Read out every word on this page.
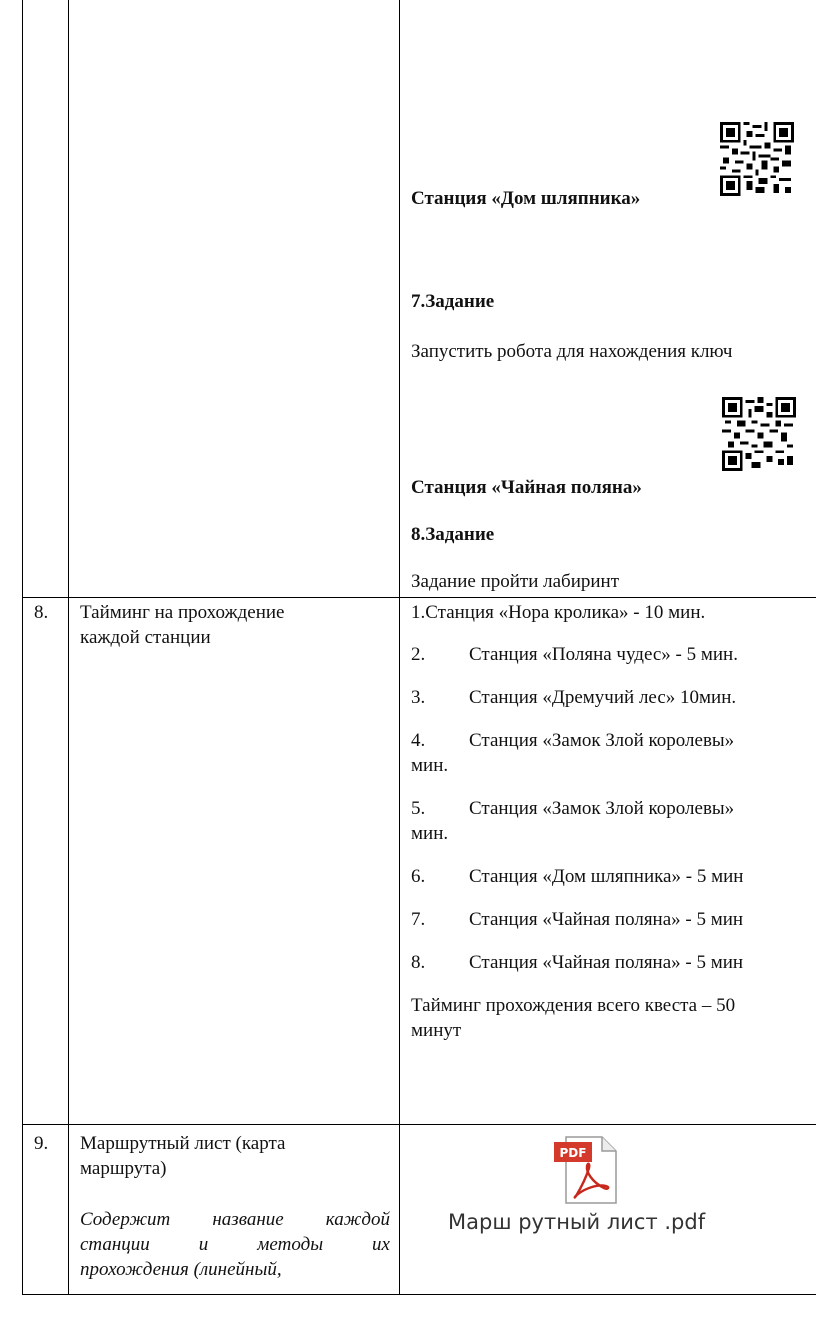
Станция «Дом шляпника»
7.Задание
Запустить робота для нахождения ключ
Станция «Чайная поляна»
8.Задание
Задание пройти лабиринт
8. Тайминг на прохождение
каждой станции
1.Станция «Нора кролика» - 10 мин.
2. Станция «Поляна чудес» - 5 мин.
3. Станция «Дремучий лес» 10мин.
4. Станция «Замок Злой королевы»
мин.
5. Станция «Замок Злой королевы»
мин.
6. Станция «Дом шляпника» - 5 мин
7. Станция «Чайная поляна» - 5 мин
8. Станция «Чайная поляна» - 5 мин
Тайминг прохождения всего квеста – 50
минут
9. Маршрутный лист (карта
маршрута)
Содержит название каждой
станции и методы их
прохождения (линейный,
PDF
Марш рутный лист .pdf
